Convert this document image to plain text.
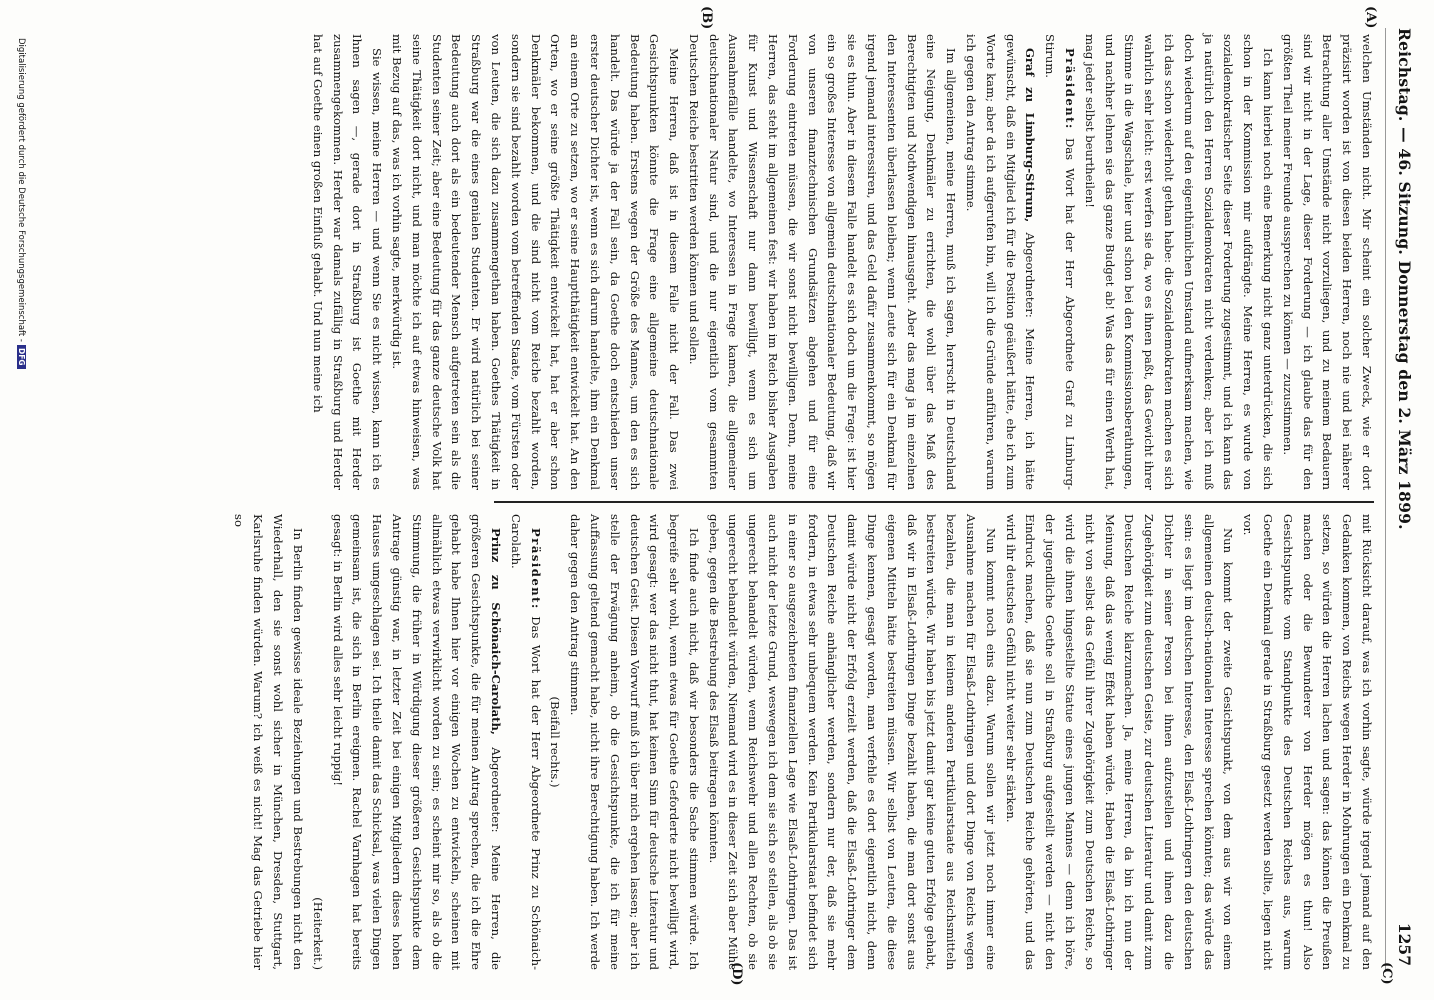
Reichstag. — 46. Sitzung. Donnerstag den 2. März 1899.
1257
(A)
(B)
(C)
(D)

welchen Umständen nicht. Mir scheint ein solcher Zweck, wie er dort präzisirt worden ist von diesen beiden Herren, noch nie und bei näherer Betrachtung aller Umstände nicht vorzuliegen, und zu meinem Bedauern sind wir nicht in der Lage, dieser Forderung — ich glaube das für den größten Theil meiner Freunde aussprechen zu können — zuzustimmen.

Ich kann hierbei noch eine Bemerkung nicht ganz unterdrücken, die sich schon in der Kommission mir aufdrängte. Meine Herren, es wurde von sozialdemokratischer Seite dieser Forderung zugestimmt, und ich kann das ja natürlich den Herren Sozialdemokraten nicht verdenken; aber ich muß doch wiederum auf den eigenthümlichen Umstand aufmerksam machen, wie ich das schon wiederholt gethan habe: die Sozialdemokraten machen es sich wahrlich sehr leicht: erst werfen sie da, wo es ihnen paßt, das Gewicht ihrer Stimme in die Wagschale, hier und schon bei den Kommissionsberathungen, und nachher lehnen sie das ganze Budget ab! Was das für einen Werth hat, mag jeder selbst beurtheilen!

Präsident: Das Wort hat der Herr Abgeordnete Graf zu Limburg-Stirum.

Graf zu Limburg-Stirum, Abgeordneter: Meine Herren, ich hätte gewünscht, daß ein Mitglied ich für die Position geäußert hätte, ehe ich zum Worte kam; aber da ich aufgerufen bin, will ich die Gründe anführen, warum ich gegen den Antrag stimme.

Im allgemeinen, meine Herren, muß ich sagen, herrscht in Deutschland eine Neigung, Denkmäler zu errichten, die wohl über das Maß des Berechtigten und Nothwendigen hinausgeht. Aber das mag ja im einzelnen den Interessenten überlassen bleiben; wenn Leute sich für ein Denkmal für irgend jemand interessiren, und das Geld dafür zusammenkommt, so mögen sie es thun. Aber in diesem Falle handelt es sich doch um die Frage: ist hier ein so großes Interesse von allgemein deutschnationaler Bedeutung, daß wir von unseren finanztechnischen Grundsätzen abgehen und für eine Forderung eintreten müssen, die wir sonst nicht bewilligen. Denn, meine Herren, das steht im allgemeinen fest: wir haben im Reich bisher Ausgaben für Kunst und Wissenschaft nur dann bewilligt, wenn es sich um Ausnahmefälle handelte, wo Interessen in Frage kamen, die allgemeiner deutschnationaler Natur sind, und die nur eigentlich vom gesammten Deutschen Reiche bestritten werden können und sollen.

Meine Herren, daß ist in diesem Falle nicht der Fall. Das zwei Gesichtspunkten könnte die Frage eine allgemeine deutschnationale Bedeutung haben. Erstens wegen der Größe des Mannes, um den es sich handelt. Das würde ja der Fall sein, da Goethe doch entschieden unser erster deutscher Dichter ist, wenn es sich darum handelte, ihm ein Denkmal an einem Orte zu setzen, wo er seine Hauptthätigkeit entwickelt hat. An den Orten, wo er seine größte Thätigkeit entwickelt hat, hat er aber schon Denkmäler bekommen, und die sind nicht vom Reiche bezahlt worden, sondern sie sind bezahlt worden vom betreffenden Staate, vom Fürsten oder von Leuten, die sich dazu zusammengethan haben. Goethes Thätigkeit in Straßburg war die eines genialen Studenten. Er wird natürlich bei seiner Bedeutung auch dort als ein bedeutender Mensch aufgetreten sein als die Studenten seiner Zeit; aber eine Bedeutung für das ganze deutsche Volk hat seine Thätigkeit dort nicht, und man möchte ich auf etwas hinweisen, was mit Bezug auf das, was ich vorhin sagte, merkwürdig ist.

Sie wissen, meine Herren — und wenn Sie es nicht wissen, kann ich es Ihnen sagen —, gerade dort in Straßburg ist Goethe mit Herder zusammengekommen. Herder war damals zufällig in Straßburg und Herder hat auf Goethe einen großen Einfluß gehabt. Und nun meine ich

mit Rücksicht darauf, was ich vorhin sagte, würde irgend jemand auf den Gedanken kommen, von Reichs wegen Herder in Mohrungen ein Denkmal zu setzen, so würden die Herren lachen und sagen: das können die Preußen machen oder die Bewunderer von Herder mögen es thun! Also Gesichtspunkte vom Standpunkte des Deutschen Reiches aus, warum Goethe ein Denkmal gerade in Straßburg gesetzt werden sollte, liegen nicht vor.

Nun kommt der zweite Gesichtspunkt, von dem aus wir von einem allgemeinen deutsch-nationalen Interesse sprechen könnten; das würde das sein: es liegt im deutschen Interesse, den Elsaß-Lothringern den deutschen Dichter in seiner Person bei ihnen aufzustellen und ihnen dazu die Zugehörigkeit zum deutschen Geiste, zur deutschen Literatur und damit zum Deutschen Reiche klarzumachen. Ja, meine Herren, da bin ich nun der Meinung, daß das wenig Effekt haben würde. Haben die Elsaß-Lothringer nicht von selbst das Gefühl ihrer Zugehörigkeit zum Deutschen Reiche, so wird die ihnen hingestellte Statue eines jungen Mannes — denn ich höre, der jugendliche Goethe soll in Straßburg aufgestellt werden — nicht den Eindruck machen, daß sie nun zum Deutschen Reiche gehörten, und das wird ihr deutsches Gefühl nicht weiter sehr stärken.

Nun kommt noch eins dazu. Warum sollen wir jetzt noch immer eine Ausnahme machen für Elsaß-Lothringen und dort Dinge von Reichs wegen bezahlen, die man in keinem anderen Partikularstaate aus Reichsmitteln bestreiten würde. Wir haben bis jetzt damit gar keine guten Erfolge gehabt, daß wir in Elsaß-Lothringen Dinge bezahlt haben, die man dort sonst aus eigenen Mitteln hätte bestreiten müssen. Wir selbst von Leuten, die diese Dinge kennen, gesagt worden, man verfehle es dort eigentlich nicht, denn damit würde nicht der Erfolg erzielt werden, daß die Elsaß-Lothringer dem Deutschen Reiche anhänglicher werden, sondern nur der, daß sie mehr fordern, in etwas sehr unbequem werden. Kein Partikularstaat befindet sich in einer so ausgezeichneten finanziellen Lage wie Elsaß-Lothringen. Das ist auch nicht der letzte Grund, weswegen ich dem sie sich so stellen, als ob sie ungerecht behandelt würden, wenn Reichswehr und allen Rechten, ob sie ungerecht behandelt würden, Niemand wird es in dieser Zeit sich aber Mühe geben, gegen die Bestrebung des Elsaß beitragen könnten.

Ich finde auch nicht, daß wir besonders die Sache stimmen würde. Ich begreife sehr wohl, wenn etwas für Goethe Geforderte nicht bewilligt wird, wird gesagt: wer das nicht thut, hat keinen Sinn für deutsche Literatur und deutschen Geist. Diesen Vorwurf muß ich über mich ergehen lassen; aber ich stelle der Erwägung anheim, ob die Gesichtspunkte, die ich für meine Auffassung geltend gemacht habe, nicht ihre Berechtigung haben. Ich werde daher gegen den Antrag stimmen.

(Beifall rechts.)

Präsident: Das Wort hat der Herr Abgeordnete Prinz zu Schönaich-Carolath.

Prinz zu Schönaich-Carolath, Abgeordneter: Meine Herren, die größeren Gesichtspunkte, die für meinen Antrag sprechen, die ich die Ehre gehabt habe Ihnen hier vor einigen Wochen zu entwickeln, scheinen mit allmählich etwas verwirklicht worden zu sein; es scheint mir so, als ob die Stimmung, die früher in Würdigung dieser größeren Gesichtspunkte dem Antrage günstig war, in letzter Zeit bei einigen Mitgliedern dieses hohen Hauses umgeschlagen sei. Ich theile damit das Schicksal, was vielen Dingen gemeinsam ist, die sich in Berlin ereignen. Rachel Varnhagen hat bereits gesagt: in Berlin wird alles sehr leicht ruppig!

(Heiterkeit.)

In Berlin finden gewisse ideale Beziehungen und Bestrebungen nicht den Wiederhall, den sie sonst wohl sicher in München, Dresden, Stuttgart, Karlsruhe finden würden. Warum? ich weiß es nicht! Mag das Getriebe hier so

Digitalisierung gefördert durch die Deutsche Forschungsgemeinschaft -DFG
